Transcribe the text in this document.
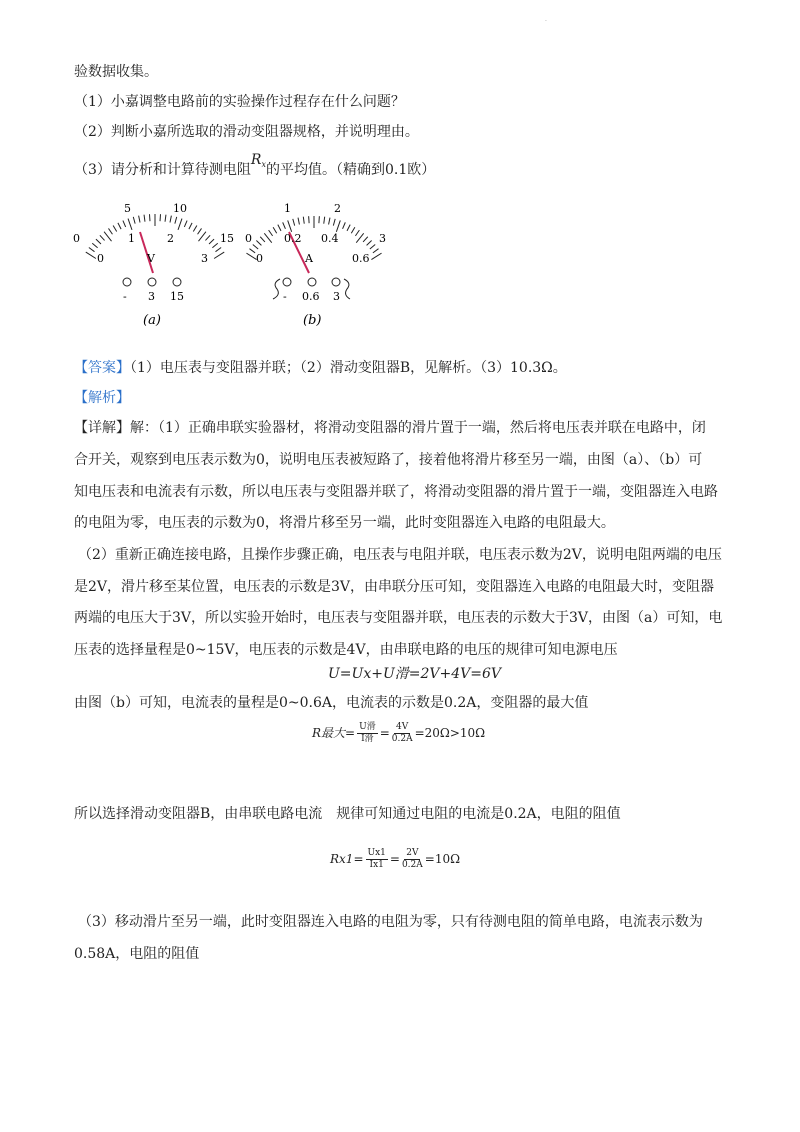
.
验数据收集。
（1）小嘉调整电路前的实验操作过程存在什么问题？
（2）判断小嘉所选取的滑动变阻器规格，并说明理由。
（3）请分析和计算待测电阻$R_x$的平均值。（精确到0.1欧）
0
5	10
15
0
1	2
3
V
- 3 15
(a)
0
1	2
3
0
0.2 0.4
0.6
A
- 0.6 3
(b)
【答案】（1）电压表与变阻器并联；（2）滑动变阻器B，见解析。（3）10.3Ω。
【解析】
【详解】解：（1）正确串联实验器材，将滑动变阻器的滑片置于一端，然后将电压表并联在电路中，闭
合开关，观察到电压表示数为0，说明电压表被短路了，接着他将滑片移至另一端，由图（a）、（b）可
知电压表和电流表有示数，所以电压表与变阻器并联了，将滑动变阻器的滑片置于一端，变阻器连入电路
的电阻为零，电压表的示数为0，将滑片移至另一端，此时变阻器连入电路的电阻最大。
（2）重新正确连接电路，且操作步骤正确，电压表与电阻并联，电压表示数为2V，说明电阻两端的电压
是2V，滑片移至某位置，电压表的示数是3V，由串联分压可知，变阻器连入电路的电阻最大时，变阻器
两端的电压大于3V，所以实验开始时，电压表与变阻器并联，电压表的示数大于3V，由图（a）可知，电
压表的选择量程是0~15V，电压表的示数是4V，由串联电路的电压的规律可知电源电压
U=Ux+U滑=2V+4V=6V
由图（b）可知，电流表的量程是0~0.6A，电流表的示数是0.2A，变阻器的最大值
R最大= $\frac{\text{U滑}}{\text{I滑}} = \frac{4V}{0.2A} =20\Omega>10\Omega$
所以选择滑动变阻器B，由串联电路电流　规律可知通过电阻的电流是0.2A，电阻的阻值
$Rx1= \frac{Ux1}{Ix1} = \frac{2V}{0.2A} =10\Omega$
（3）移动滑片至另一端，此时变阻器连入电路的电阻为零，只有待测电阻的简单电路，电流表示数为
0.58A，电阻的阻值
